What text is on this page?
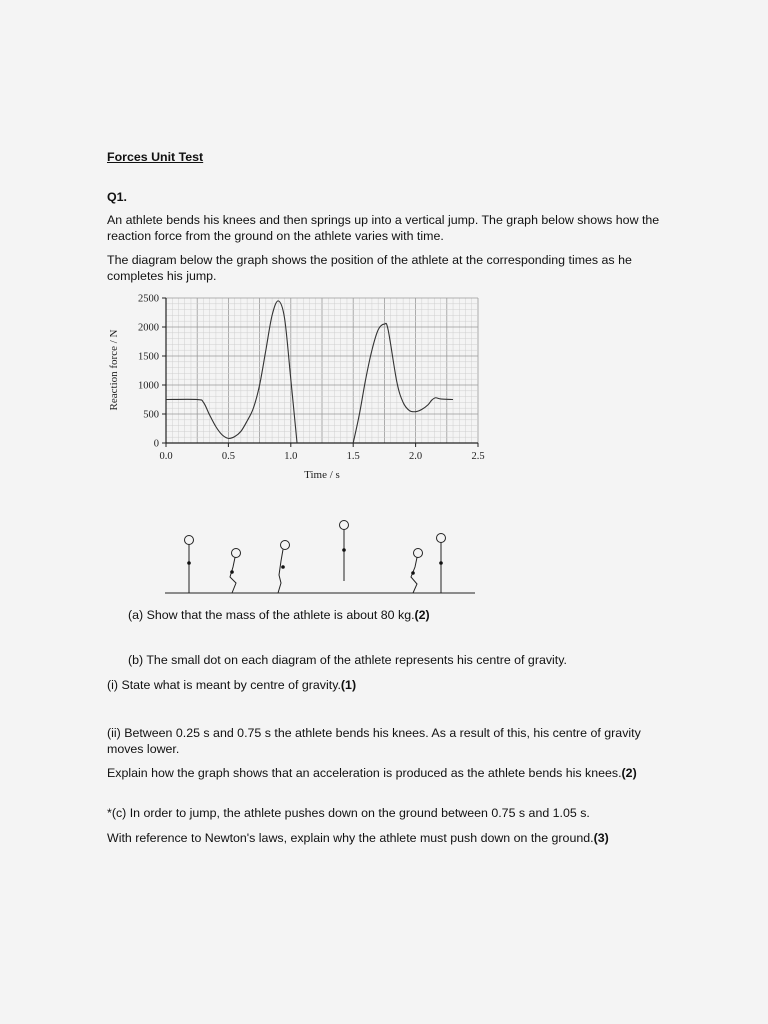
Forces Unit Test
Q1.
An athlete bends his knees and then springs up into a vertical jump. The graph below shows how the reaction force from the ground on the athlete varies with time.
The diagram below the graph shows the position of the athlete at the corresponding times as he completes his jump.
0.0	0.5	1.0	1.5	2.0	2.5
0
500
1000
1500
2000
2500
Time / s
Reaction force / N
(a) Show that the mass of the athlete is about 80 kg.(2)
(b) The small dot on each diagram of the athlete represents his centre of gravity.
(i) State what is meant by centre of gravity.(1)
(ii) Between 0.25 s and 0.75 s the athlete bends his knees. As a result of this, his centre of gravity moves lower.
Explain how the graph shows that an acceleration is produced as the athlete bends his knees.(2)
*(c) In order to jump, the athlete pushes down on the ground between 0.75 s and 1.05 s.
With reference to Newton's laws, explain why the athlete must push down on the ground.(3)
